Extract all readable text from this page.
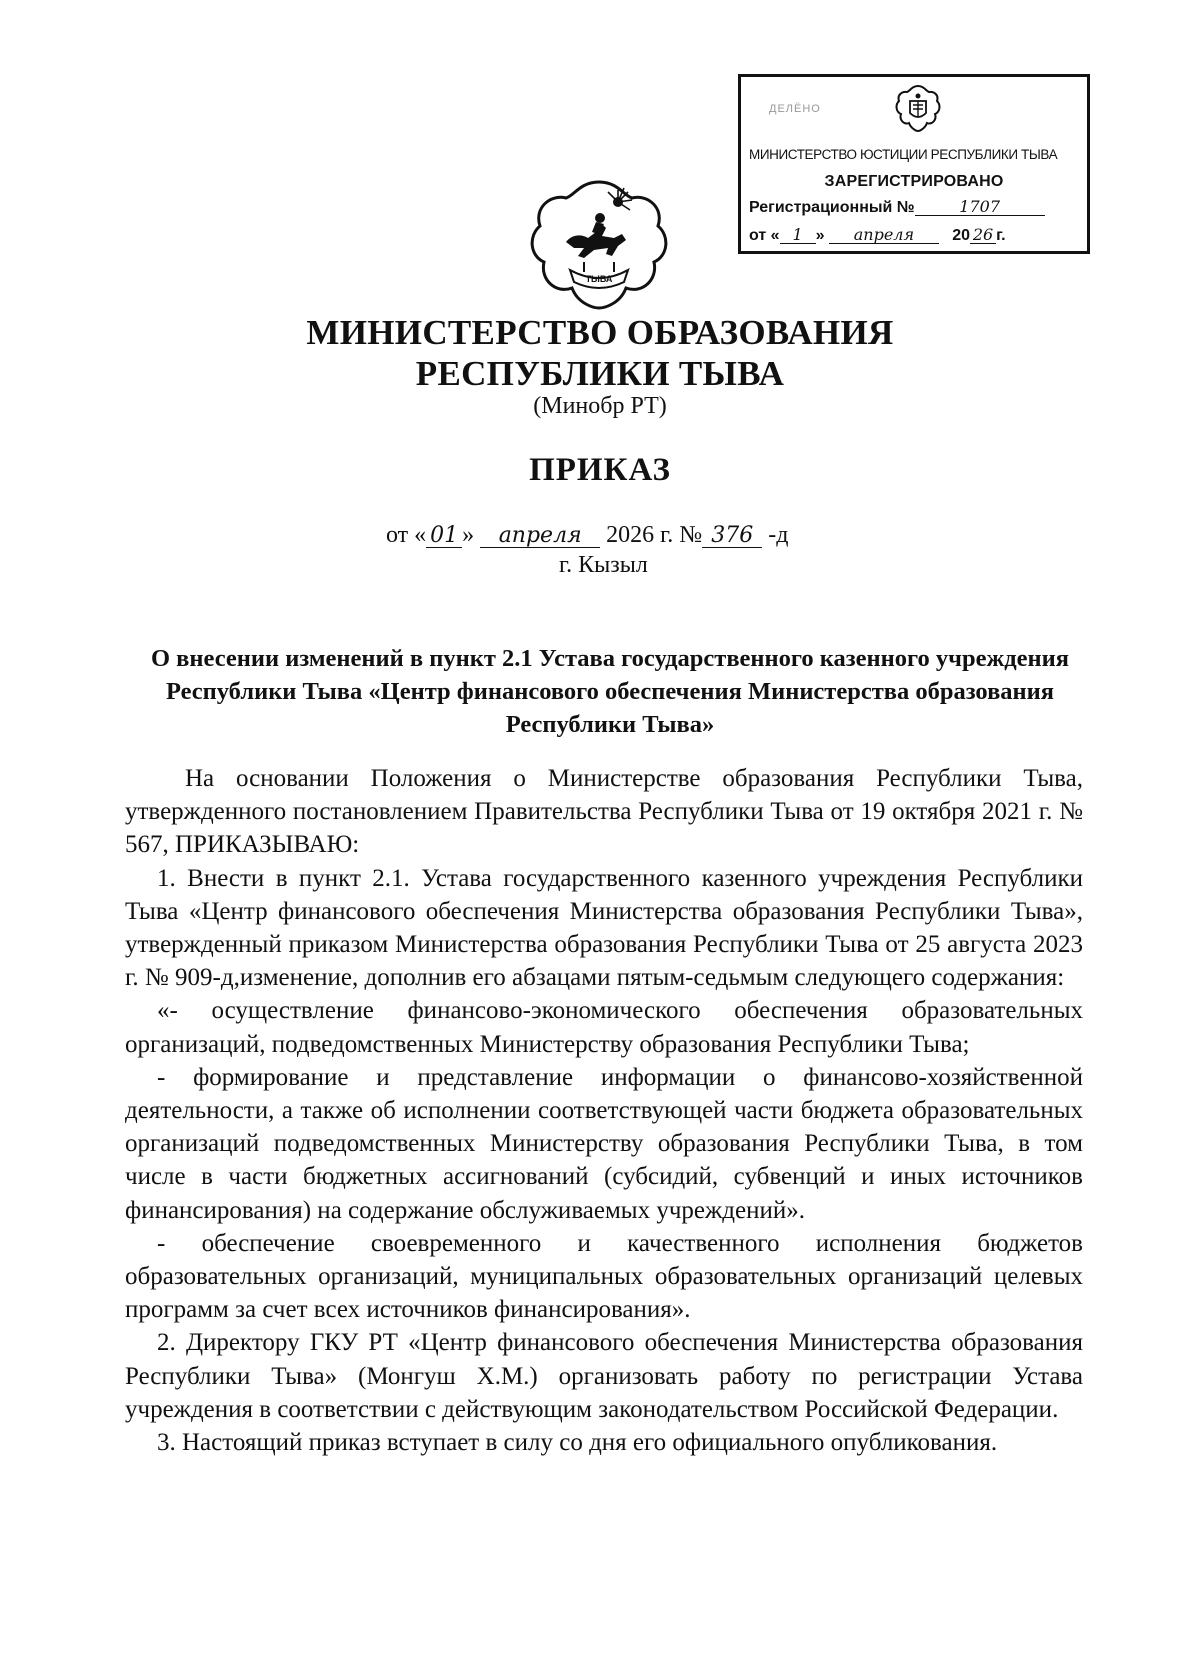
ДЕЛЁНО
МИНИСТЕРСТВО ЮСТИЦИИ РЕСПУБЛИКИ ТЫВА
ЗАРЕГИСТРИРОВАНО
Регистрационный №	1707
от « 1 » апреля 20 26 г.
ТЫВА
МИНИСТЕРСТВО ОБРАЗОВАНИЯ
РЕСПУБЛИКИ ТЫВА
(Минобр РТ)
ПРИКАЗ
от « 01 » апреля 2026 г. № 376 -д
г. Кызыл
О внесении изменений в пункт 2.1 Устава государственного казенного учреждения Республики Тыва «Центр финансового обеспечения Министерства образования Республики Тыва»

На основании Положения о Министерстве образования Республики Тыва, утвержденного постановлением Правительства Республики Тыва от 19 октября 2021 г. № 567, ПРИКАЗЫВАЮ:

1. Внести в пункт 2.1. Устава государственного казенного учреждения Республики Тыва «Центр финансового обеспечения Министерства образования Республики Тыва», утвержденный приказом Министерства образования Республики Тыва от 25 августа 2023 г. № 909-д,изменение, дополнив его абзацами пятым-седьмым следующего содержания:

«- осуществление финансово-экономического обеспечения образовательных организаций, подведомственных Министерству образования Республики Тыва;

- формирование и представление информации о финансово-хозяйственной деятельности, а также об исполнении соответствующей части бюджета образовательных организаций подведомственных Министерству образования Республики Тыва, в том числе в части бюджетных ассигнований (субсидий, субвенций и иных источников финансирования) на содержание обслуживаемых учреждений».

- обеспечение своевременного и качественного исполнения бюджетов образовательных организаций, муниципальных образовательных организаций целевых программ за счет всех источников финансирования».

2. Директору ГКУ РТ «Центр финансового обеспечения Министерства образования Республики Тыва» (Монгуш Х.М.) организовать работу по регистрации Устава учреждения в соответствии с действующим законодательством Российской Федерации.

3. Настоящий приказ вступает в силу со дня его официального опубликования.
